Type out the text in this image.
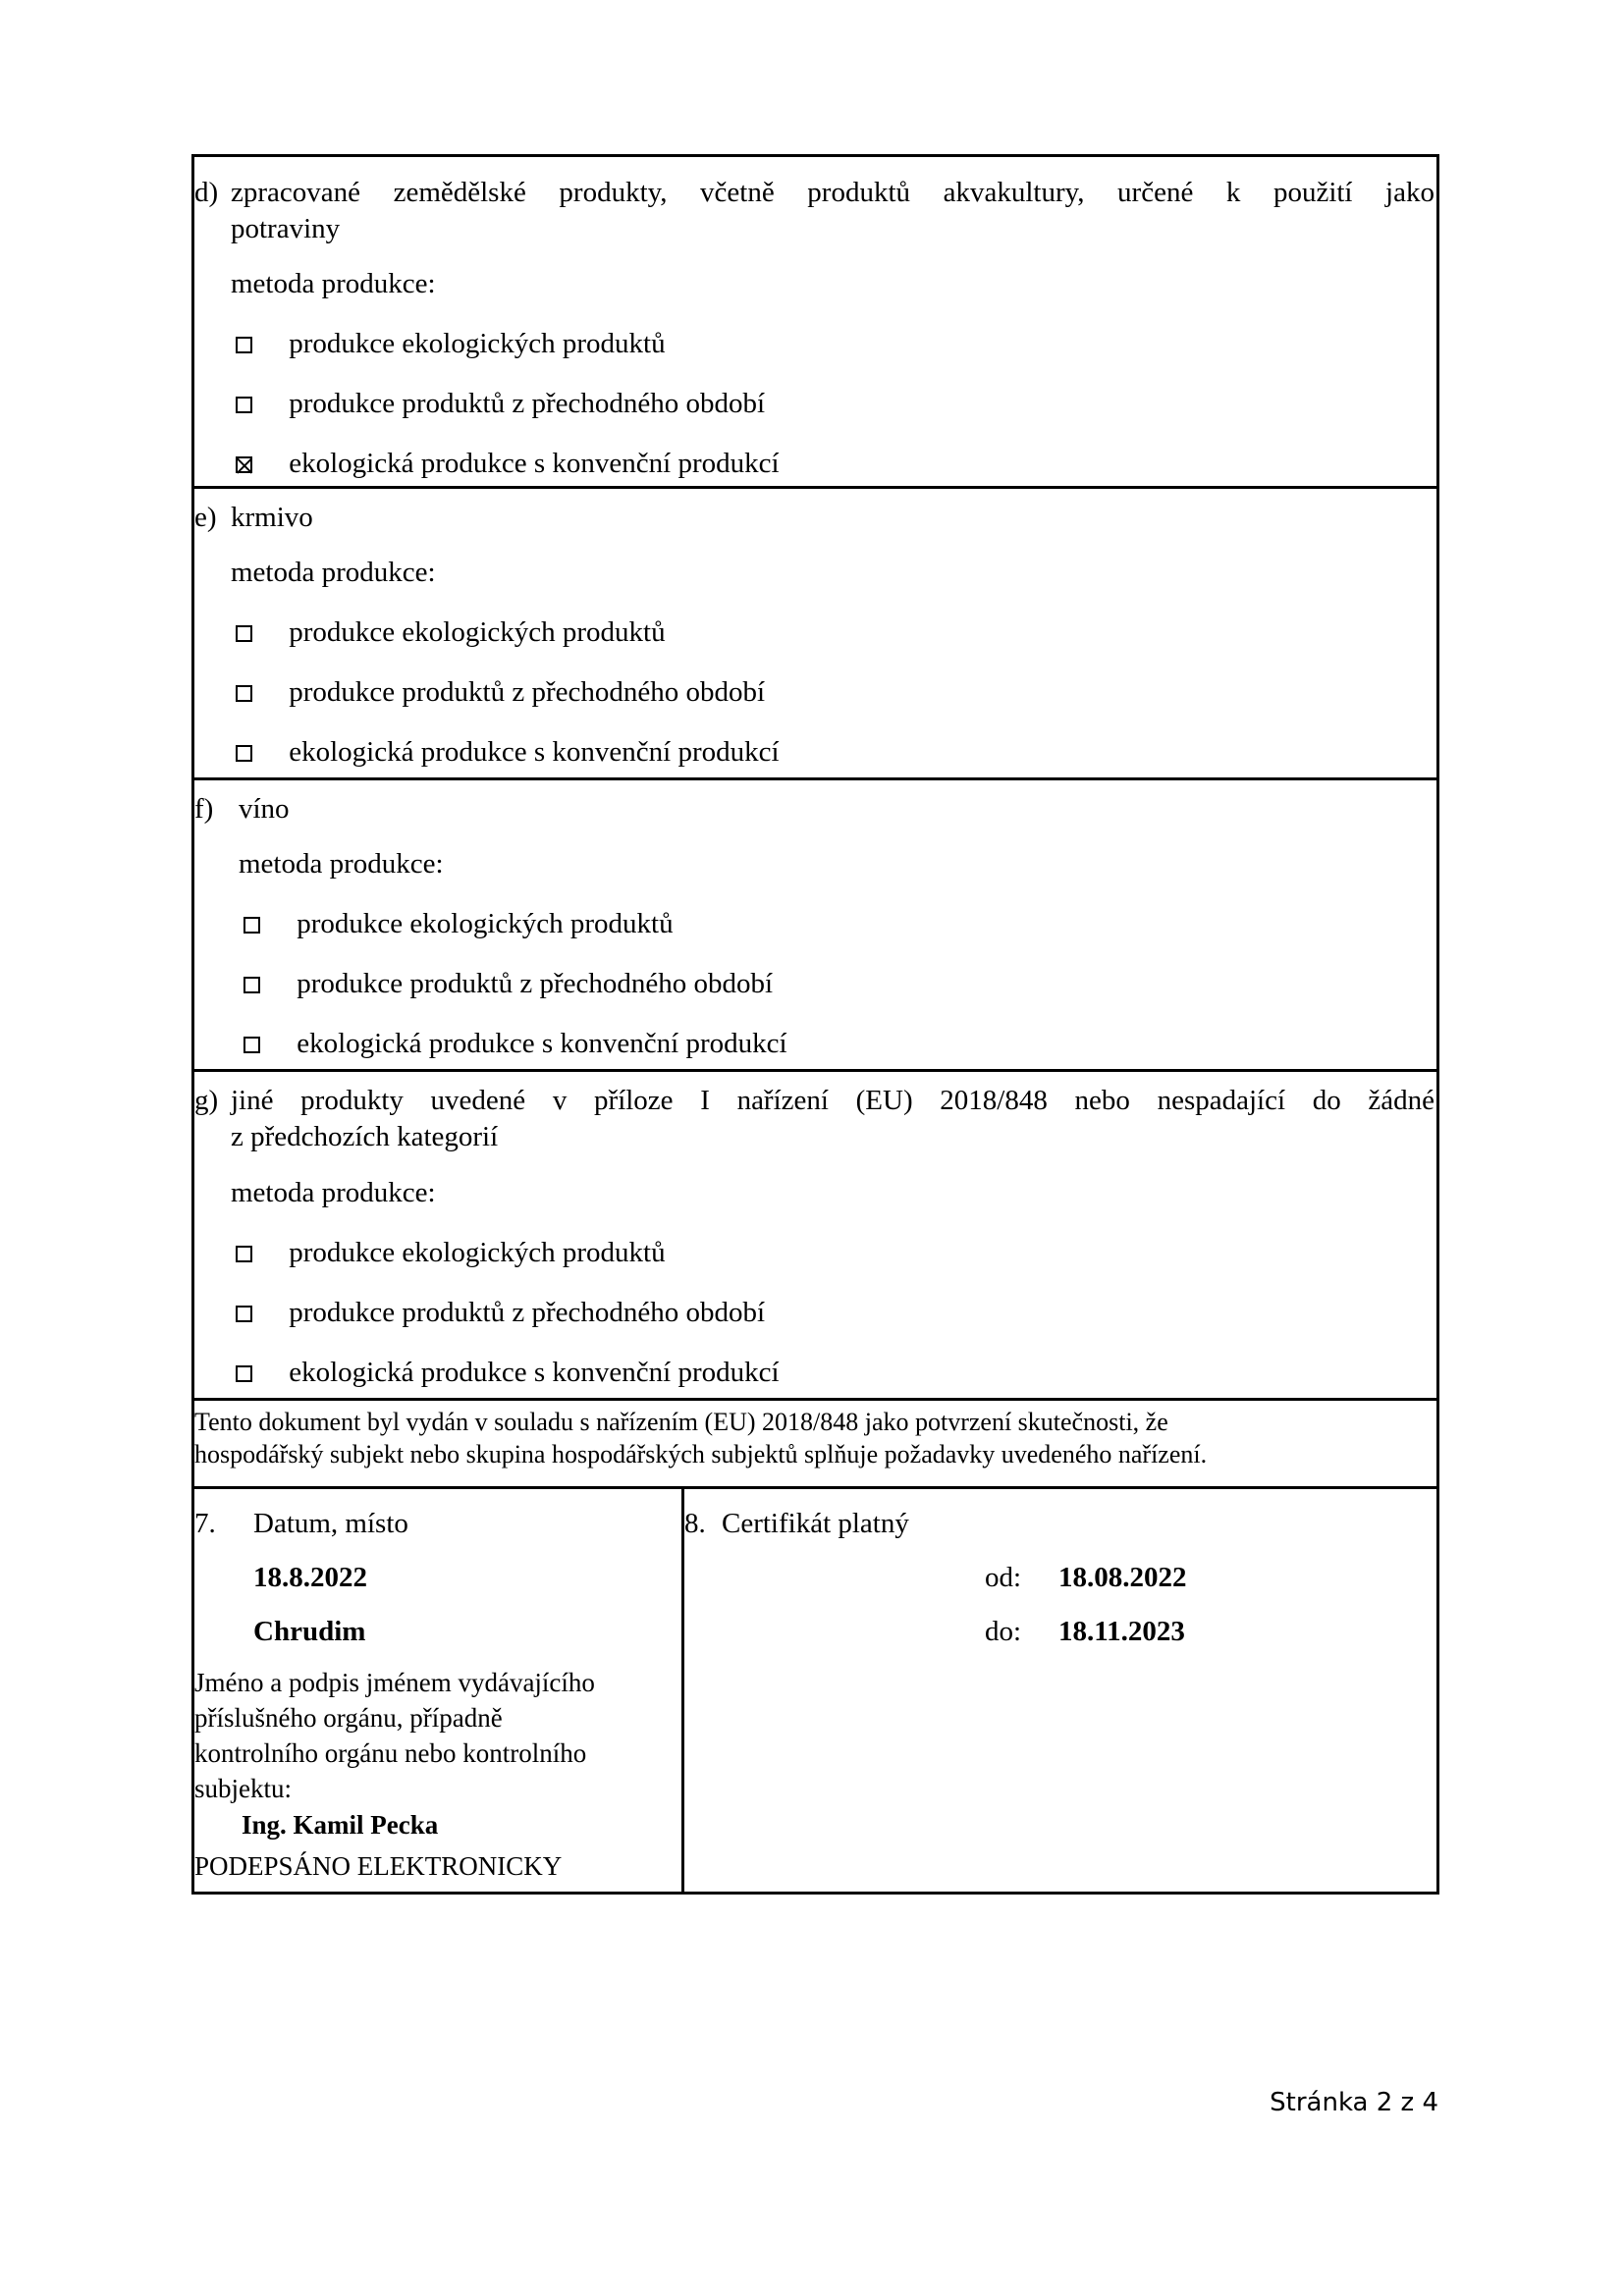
d) zpracované zemědělské produkty, včetně produktů akvakultury, určené k použití jako
potraviny
metoda produkce:
produkce ekologických produktů
produkce produktů z přechodného období
ekologická produkce s konvenční produkcí
e) krmivo
metoda produkce:
produkce ekologických produktů
produkce produktů z přechodného období
ekologická produkce s konvenční produkcí
f) víno
metoda produkce:
produkce ekologických produktů
produkce produktů z přechodného období
ekologická produkce s konvenční produkcí
g) jiné produkty uvedené v příloze I nařízení (EU) 2018/848 nebo nespadající do žádné
z předchozích kategorií
metoda produkce:
produkce ekologických produktů
produkce produktů z přechodného období
ekologická produkce s konvenční produkcí
Tento dokument byl vydán v souladu s nařízením (EU) 2018/848 jako potvrzení skutečnosti, že
hospodářský subjekt nebo skupina hospodářských subjektů splňuje požadavky uvedeného nařízení.
7. Datum, místo
18.8.2022
Chrudim
Jméno a podpis jménem vydávajícího
příslušného orgánu, případně
kontrolního orgánu nebo kontrolního
subjektu:
Ing. Kamil Pecka
PODEPSÁNO ELEKTRONICKY
8. Certifikát platný
od: 18.08.2022
do: 18.11.2023
Stránka 2 z 4
